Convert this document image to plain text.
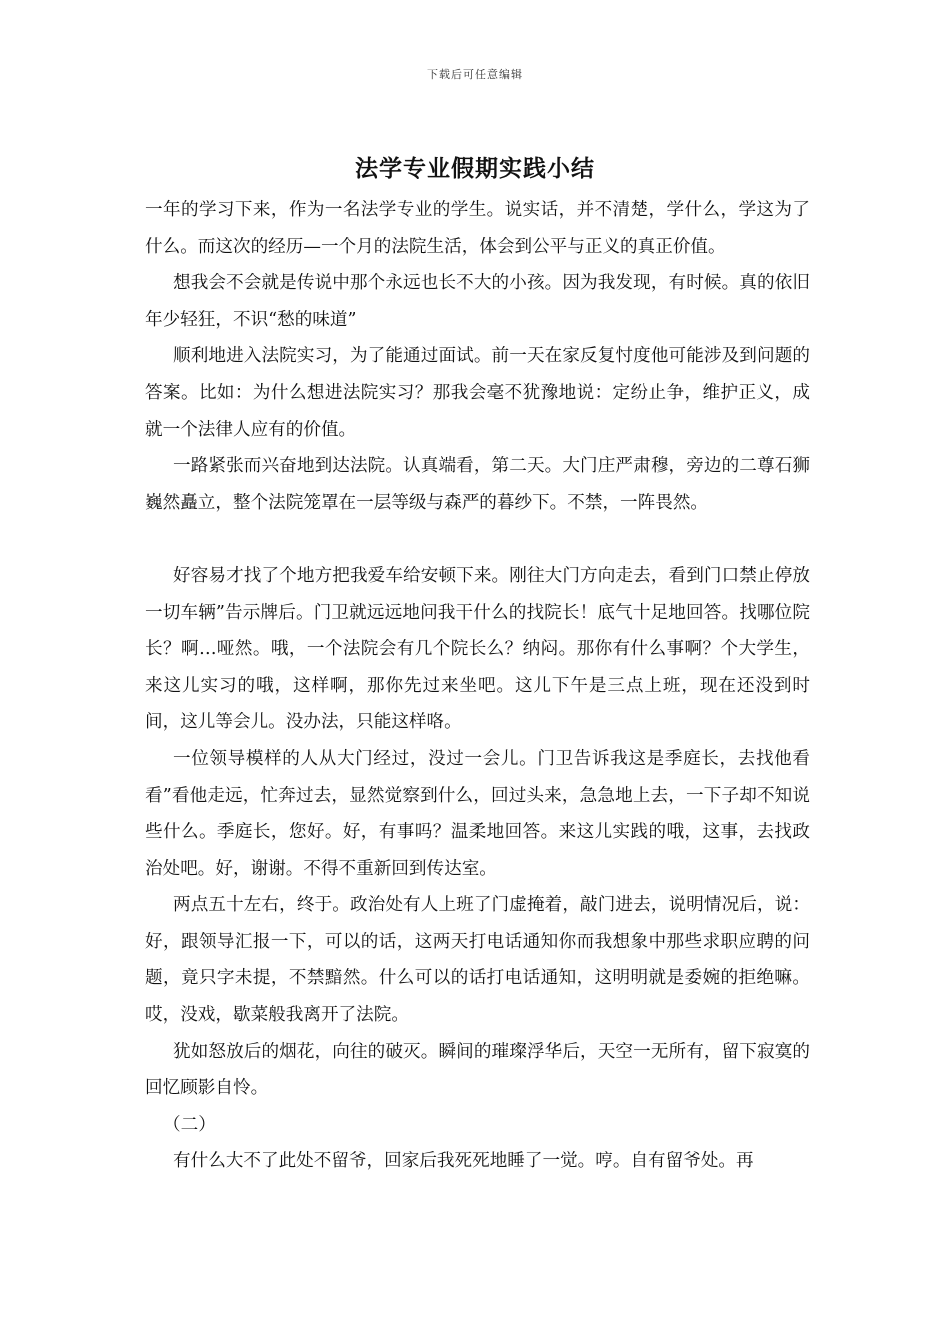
下载后可任意编辑
法学专业假期实践小结

一年的学习下来，作为一名法学专业的学生。说实话，并不清楚，学什么，学这为了什么。而这次的经历—一个月的法院生活，体会到公平与正义的真正价值。

想我会不会就是传说中那个永远也长不大的小孩。因为我发现，有时候。真的依旧年少轻狂，不识“愁的味道”

顺利地进入法院实习，为了能通过面试。前一天在家反复忖度他可能涉及到问题的答案。比如：为什么想进法院实习？那我会毫不犹豫地说：定纷止争，维护正义，成就一个法律人应有的价值。

一路紧张而兴奋地到达法院。认真端看，第二天。大门庄严肃穆，旁边的二尊石狮巍然矗立，整个法院笼罩在一层等级与森严的暮纱下。不禁，一阵畏然。

好容易才找了个地方把我爱车给安顿下来。刚往大门方向走去，看到门口禁止停放一切车辆”告示牌后。门卫就远远地问我干什么的找院长！底气十足地回答。找哪位院长？啊…哑然。哦，一个法院会有几个院长么？纳闷。那你有什么事啊？个大学生，来这儿实习的哦，这样啊，那你先过来坐吧。这儿下午是三点上班，现在还没到时间，这儿等会儿。没办法，只能这样咯。

一位领导模样的人从大门经过，没过一会儿。门卫告诉我这是季庭长，去找他看看”看他走远，忙奔过去，显然觉察到什么，回过头来，急急地上去，一下子却不知说些什么。季庭长，您好。好，有事吗？温柔地回答。来这儿实践的哦，这事，去找政治处吧。好，谢谢。不得不重新回到传达室。

两点五十左右，终于。政治处有人上班了门虚掩着，敲门进去，说明情况后，说：好，跟领导汇报一下，可以的话，这两天打电话通知你而我想象中那些求职应聘的问题，竟只字未提，不禁黯然。什么可以的话打电话通知，这明明就是委婉的拒绝嘛。哎，没戏，歇菜般我离开了法院。

犹如怒放后的烟花，向往的破灭。瞬间的璀璨浮华后，天空一无所有，留下寂寞的回忆顾影自怜。

（二）

有什么大不了此处不留爷，回家后我死死地睡了一觉。哼。自有留爷处。再
